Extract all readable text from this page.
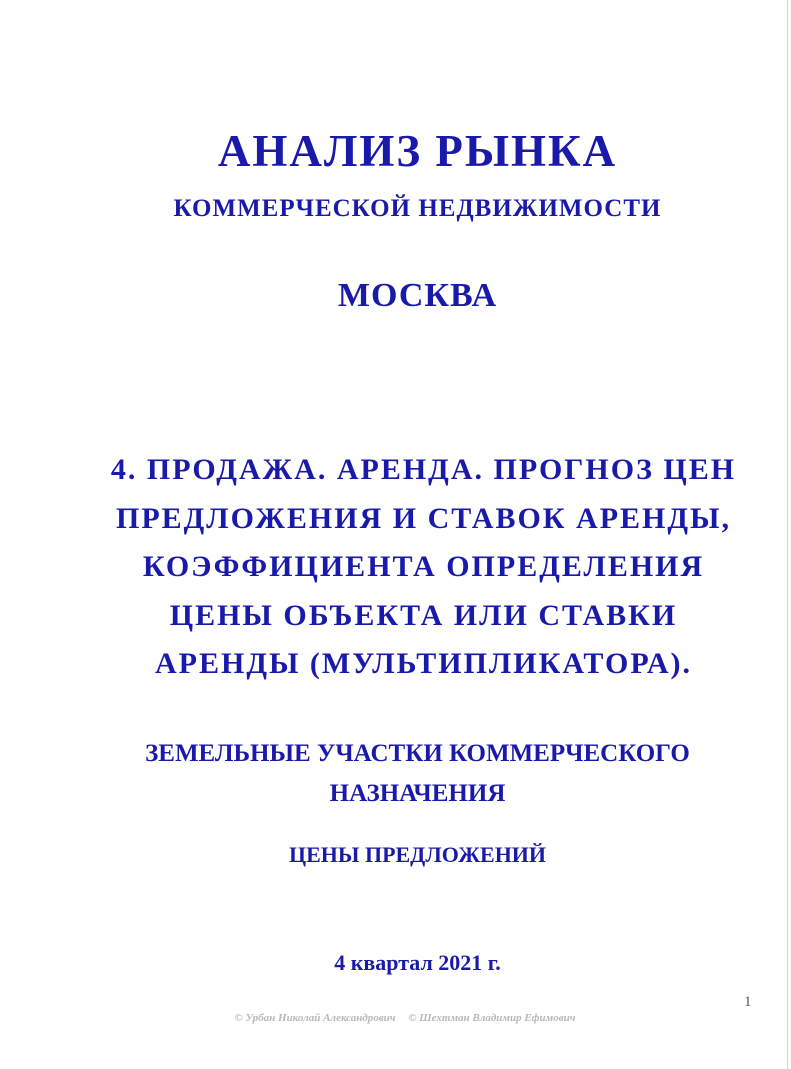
АНАЛИЗ РЫНКА
КОММЕРЧЕСКОЙ НЕДВИЖИМОСТИ
МОСКВА
4. ПРОДАЖА. АРЕНДА. ПРОГНОЗ ЦЕН
ПРЕДЛОЖЕНИЯ И СТАВОК АРЕНДЫ,
КОЭФФИЦИЕНТА ОПРЕДЕЛЕНИЯ
ЦЕНЫ ОБЪЕКТА ИЛИ СТАВКИ
АРЕНДЫ (МУЛЬТИПЛИКАТОРА).
ЗЕМЕЛЬНЫЕ УЧАСТКИ КОММЕРЧЕСКОГО
НАЗНАЧЕНИЯ
ЦЕНЫ ПРЕДЛОЖЕНИЙ
4 квартал 2021 г.
1
© Урбан Николай Александрович © Шехтман Владимир Ефимович
